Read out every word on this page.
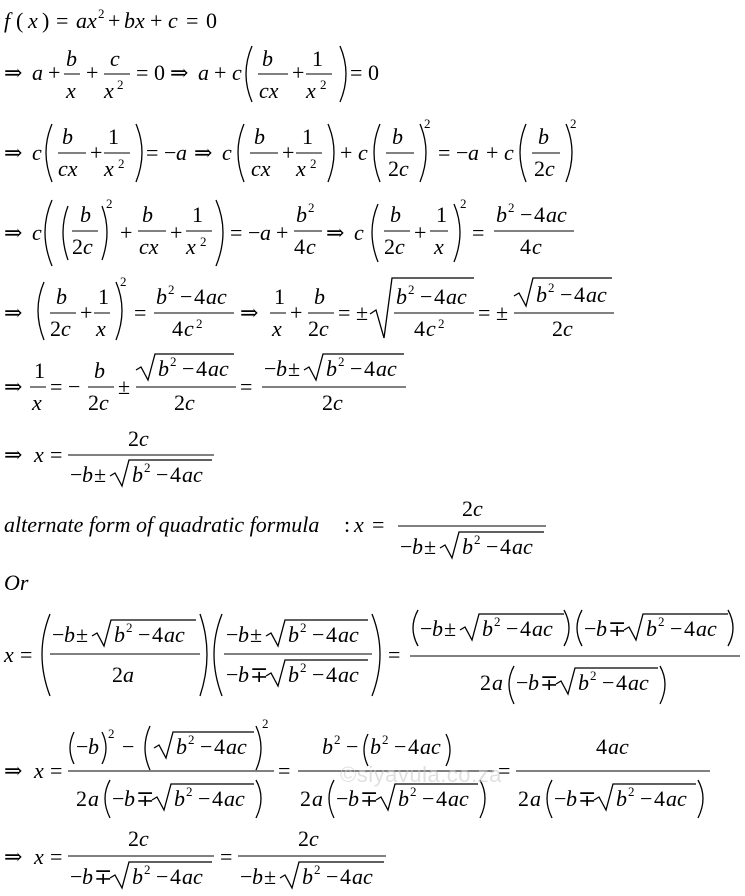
f ( x ) = ax 2 + bx + c = 0
⇒ a +
b
x
+
c
x 2 = 0 ⇒ a + c
b
cx
+
1
x 2 = 0
⇒ c
b
cx
+
1
x 2 = − a ⇒ c
b
cx
+
1
x 2 + c
b
2 c
2
= − a + c
b
2 c
2
⇒ c
b
2 c
2
+
b
cx
+
1
x 2 = − a +
b 2
4 c
⇒ c
b
2 c
+
1
x
2
=
b 2 − 4 ac
4 c
⇒
b
2 c
+
1
x
2
=
b 2 − 4 ac
4 c 2 ⇒
1
x
+
b
2 c
= ±
b 2 − 4 ac
4 c 2 = ±
b 2 − 4 ac
2 c
⇒
1
x
= −
b
2 c
±
b 2 − 4 ac
2 c
=
− b ± b 2 − 4 ac
2 c
⇒ x =
2 c
− b ± b 2 − 4 ac
alternate form of quadratic formula : x =
2 c
− b ± b 2 − 4 ac
Or
x =
− b ± b 2 − 4 ac
2 a
− b ± b 2 − 4 ac
− b ∓ b 2 − 4 ac
=
− b ± b 2 − 4 ac − b ∓ b 2 − 4 ac
2 a − b ∓ b 2 − 4 ac
⇒ x =
− b
2
− b 2 − 4 ac
2
2 a − b ∓ b 2 − 4 ac
=
b 2 − b 2 − 4 ac
2 a − b ∓ b 2 − 4 ac
=
4 ac
2 a − b ∓ b 2 − 4 ac
⇒ x =
2 c
− b ∓ b 2 − 4 ac
=
2 c
− b ± b 2 − 4 ac
©siyavula.co.za
